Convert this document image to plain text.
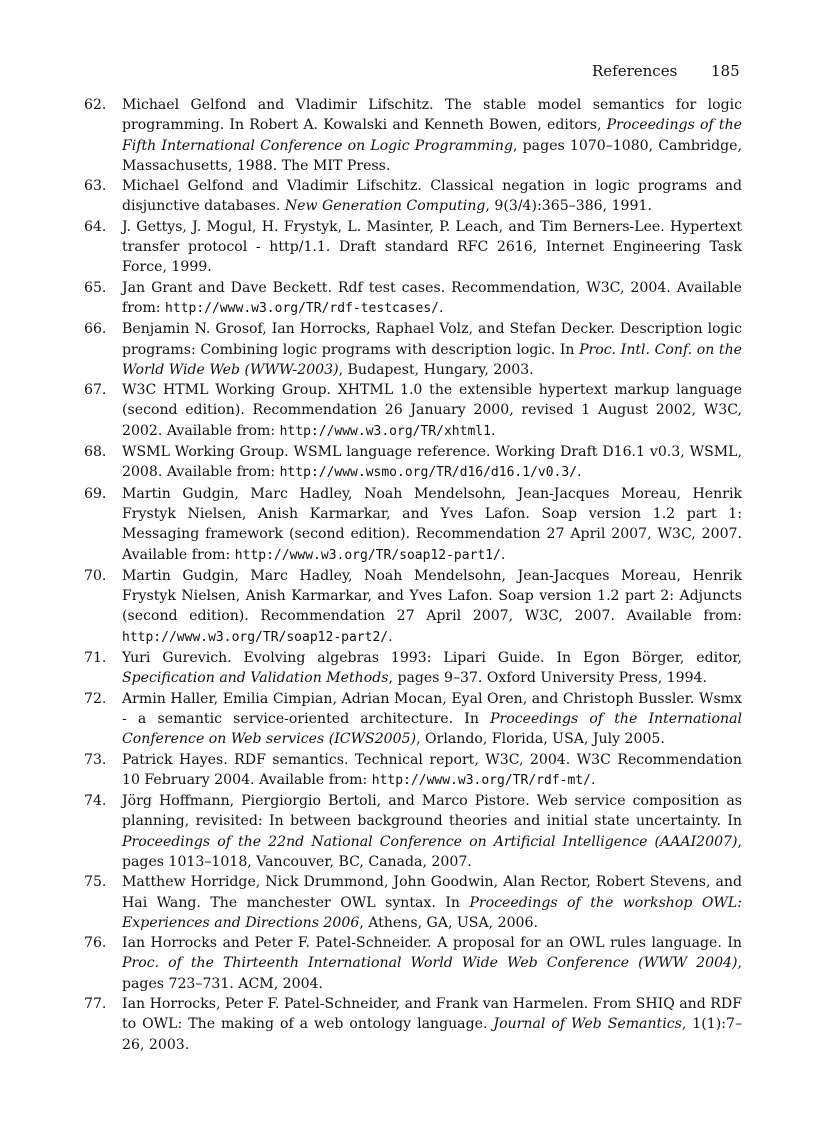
References 185
62.	Michael Gelfond and Vladimir Lifschitz. The stable model semantics for logic programming. In Robert A. Kowalski and Kenneth Bowen, editors, Proceedings of the Fifth International Conference on Logic Programming, pages 1070–1080, Cambridge, Massachusetts, 1988. The MIT Press.
63.	Michael Gelfond and Vladimir Lifschitz. Classical negation in logic programs and disjunctive databases. New Generation Computing, 9(3/4):365–386, 1991.
64.	J. Gettys, J. Mogul, H. Frystyk, L. Masinter, P. Leach, and Tim Berners-Lee. Hypertext transfer protocol - http/1.1. Draft standard RFC 2616, Internet Engineering Task Force, 1999.
65.	Jan Grant and Dave Beckett. Rdf test cases. Recommendation, W3C, 2004. Available from: http://www.w3.org/TR/rdf-testcases/.
66.	Benjamin N. Grosof, Ian Horrocks, Raphael Volz, and Stefan Decker. Description logic programs: Combining logic programs with description logic. In Proc. Intl. Conf. on the World Wide Web (WWW-2003), Budapest, Hungary, 2003.
67.	W3C HTML Working Group. XHTML 1.0 the extensible hypertext markup language (second edition). Recommendation 26 January 2000, revised 1 August 2002, W3C, 2002. Available from: http://www.w3.org/TR/xhtml1.
68.	WSML Working Group. WSML language reference. Working Draft D16.1 v0.3, WSML, 2008. Available from: http://www.wsmo.org/TR/d16/d16.1/v0.3/.
69.	Martin Gudgin, Marc Hadley, Noah Mendelsohn, Jean-Jacques Moreau, Henrik Frystyk Nielsen, Anish Karmarkar, and Yves Lafon. Soap version 1.2 part 1: Messaging framework (second edition). Recommendation 27 April 2007, W3C, 2007. Available from: http://www.w3.org/TR/soap12-part1/.
70.	Martin Gudgin, Marc Hadley, Noah Mendelsohn, Jean-Jacques Moreau, Henrik Frystyk Nielsen, Anish Karmarkar, and Yves Lafon. Soap version 1.2 part 2: Adjuncts (second edition). Recommendation 27 April 2007, W3C, 2007. Available from: http://www.w3.org/TR/soap12-part2/.
71.	Yuri Gurevich. Evolving algebras 1993: Lipari Guide. In Egon Börger, editor, Specification and Validation Methods, pages 9–37. Oxford University Press, 1994.
72.	Armin Haller, Emilia Cimpian, Adrian Mocan, Eyal Oren, and Christoph Bussler. Wsmx - a semantic service-oriented architecture. In Proceedings of the International Conference on Web services (ICWS2005), Orlando, Florida, USA, July 2005.
73.	Patrick Hayes. RDF semantics. Technical report, W3C, 2004. W3C Recommendation 10 February 2004. Available from: http://www.w3.org/TR/rdf-mt/.
74.	Jörg Hoffmann, Piergiorgio Bertoli, and Marco Pistore. Web service composition as planning, revisited: In between background theories and initial state uncertainty. In Proceedings of the 22nd National Conference on Artificial Intelligence (AAAI2007), pages 1013–1018, Vancouver, BC, Canada, 2007.
75.	Matthew Horridge, Nick Drummond, John Goodwin, Alan Rector, Robert Stevens, and Hai Wang. The manchester OWL syntax. In Proceedings of the workshop OWL: Experiences and Directions 2006, Athens, GA, USA, 2006.
76.	Ian Horrocks and Peter F. Patel-Schneider. A proposal for an OWL rules language. In Proc. of the Thirteenth International World Wide Web Conference (WWW 2004), pages 723–731. ACM, 2004.
77.	Ian Horrocks, Peter F. Patel-Schneider, and Frank van Harmelen. From SHIQ and RDF to OWL: The making of a web ontology language. Journal of Web Semantics, 1(1):7–26, 2003.
